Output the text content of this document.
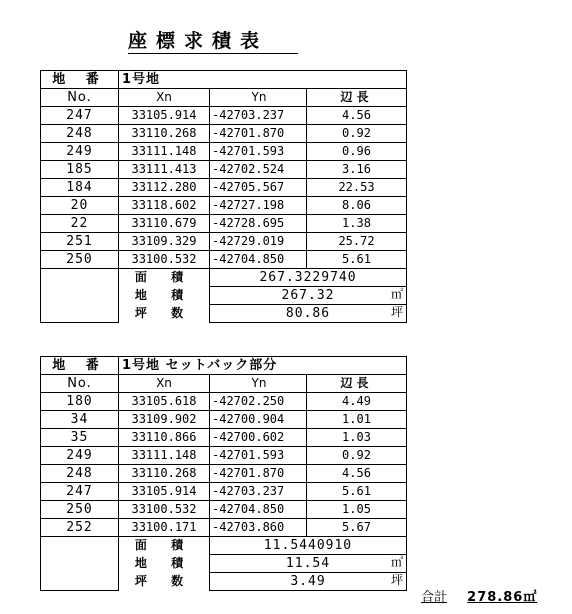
座標求積表
地 番	1号地		
No.	Xn	Yn	辺長
247	33105.914	-42703.237	4.56
248	33110.268	-42701.870	0.92
249	33111.148	-42701.593	0.96
185	33111.413	-42702.524	3.16
184	33112.280	-42705.567	22.53
20	33118.602	-42727.198	8.06
22	33110.679	-42728.695	1.38
251	33109.329	-42729.019	25.72
250	33100.532	-42704.850	5.61
	面 積	267.3229740	
	地 積	267.32 ㎡	

	坪 数	80.86 坪	
地 番	1号地 セットバック部分		
No.	Xn	Yn	辺長
180	33105.618	-42702.250	4.49
34	33109.902	-42700.904	1.01
35	33110.866	-42700.602	1.03
249	33111.148	-42701.593	0.92
248	33110.268	-42701.870	4.56
247	33105.914	-42703.237	5.61
250	33100.532	-42704.850	1.05
252	33100.171	-42703.860	5.67
	面 積	11.5440910	
	地 積	11.54 ㎡	

	坪 数	3.49 坪	
合計 278.86㎡
